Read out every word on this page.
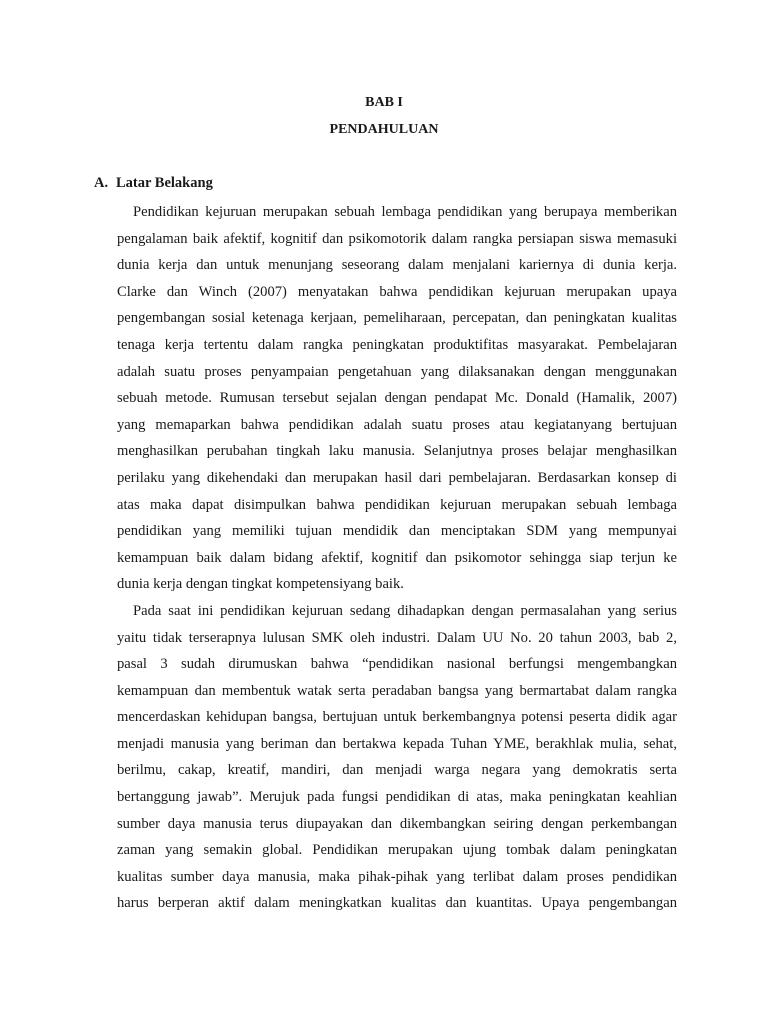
BAB I
PENDAHULUAN
A. Latar Belakang

Pendidikan kejuruan merupakan sebuah lembaga pendidikan yang berupaya memberikan
pengalaman baik afektif, kognitif dan psikomotorik dalam rangka persiapan siswa memasuki
dunia kerja dan untuk menunjang seseorang dalam menjalani kariernya di dunia kerja.
Clarke dan Winch (2007) menyatakan bahwa pendidikan kejuruan merupakan upaya
pengembangan sosial ketenaga kerjaan, pemeliharaan, percepatan, dan peningkatan kualitas
tenaga kerja tertentu dalam rangka peningkatan produktifitas masyarakat. Pembelajaran
adalah suatu proses penyampaian pengetahuan yang dilaksanakan dengan menggunakan
sebuah metode. Rumusan tersebut sejalan dengan pendapat Mc. Donald (Hamalik, 2007)
yang memaparkan bahwa pendidikan adalah suatu proses atau kegiatanyang bertujuan
menghasilkan perubahan tingkah laku manusia. Selanjutnya proses belajar menghasilkan
perilaku yang dikehendaki dan merupakan hasil dari pembelajaran. Berdasarkan konsep di
atas maka dapat disimpulkan bahwa pendidikan kejuruan merupakan sebuah lembaga
pendidikan yang memiliki tujuan mendidik dan menciptakan SDM yang mempunyai
kemampuan baik dalam bidang afektif, kognitif dan psikomotor sehingga siap terjun ke
dunia kerja dengan tingkat kompetensiyang baik.

Pada saat ini pendidikan kejuruan sedang dihadapkan dengan permasalahan yang serius
yaitu tidak terserapnya lulusan SMK oleh industri. Dalam UU No. 20 tahun 2003, bab 2,
pasal 3 sudah dirumuskan bahwa “pendidikan nasional berfungsi mengembangkan
kemampuan dan membentuk watak serta peradaban bangsa yang bermartabat dalam rangka
mencerdaskan kehidupan bangsa, bertujuan untuk berkembangnya potensi peserta didik agar
menjadi manusia yang beriman dan bertakwa kepada Tuhan YME, berakhlak mulia, sehat,
berilmu, cakap, kreatif, mandiri, dan menjadi warga negara yang demokratis serta
bertanggung jawab”. Merujuk pada fungsi pendidikan di atas, maka peningkatan keahlian
sumber daya manusia terus diupayakan dan dikembangkan seiring dengan perkembangan
zaman yang semakin global. Pendidikan merupakan ujung tombak dalam peningkatan
kualitas sumber daya manusia, maka pihak-pihak yang terlibat dalam proses pendidikan
harus berperan aktif dalam meningkatkan kualitas dan kuantitas. Upaya pengembangan
